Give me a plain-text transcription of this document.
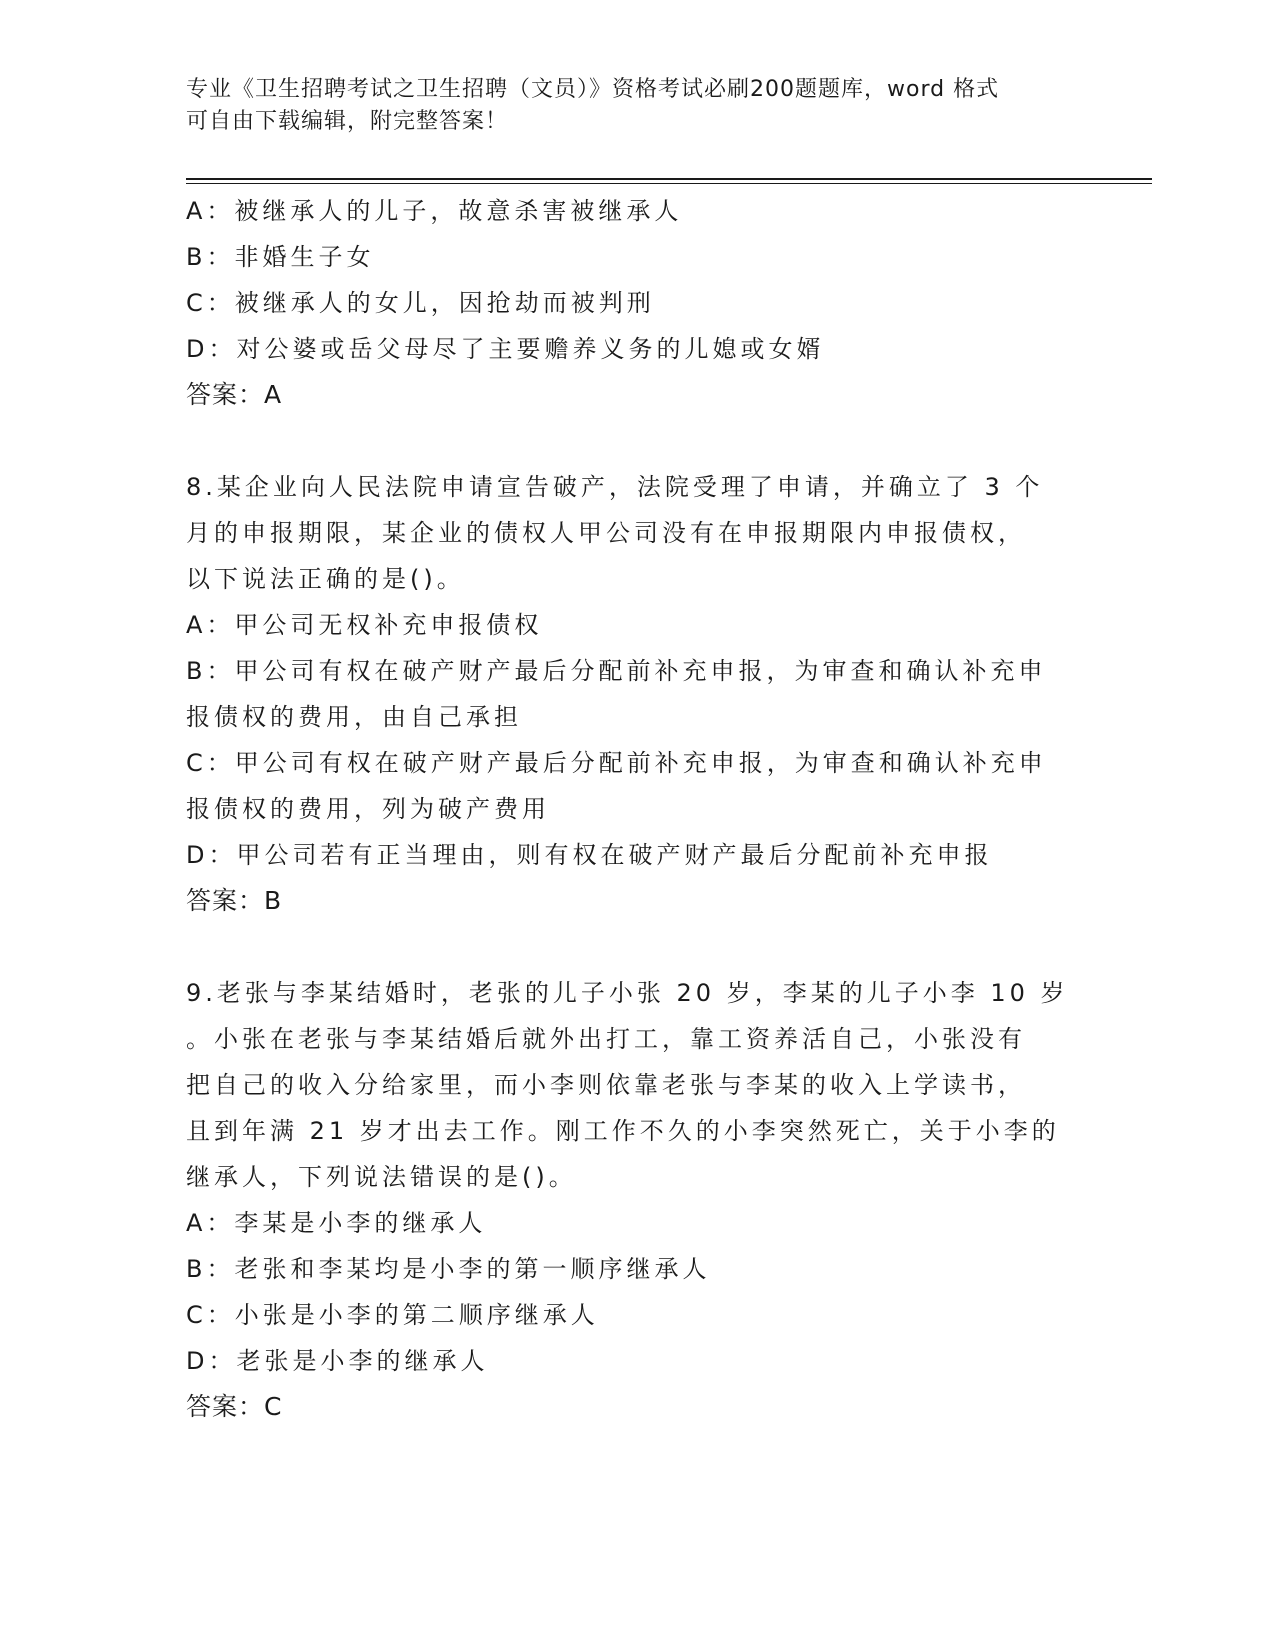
专业《卫生招聘考试之卫生招聘（文员）》资格考试必刷200题题库，word 格式
可自由下载编辑，附完整答案！
A：被继承人的儿子，故意杀害被继承人
B：非婚生子女
C：被继承人的女儿，因抢劫而被判刑
D：对公婆或岳父母尽了主要赡养义务的儿媳或女婿
答案：A
8.某企业向人民法院申请宣告破产，法院受理了申请，并确立了 3 个
月的申报期限，某企业的债权人甲公司没有在申报期限内申报债权，
以下说法正确的是()。
A：甲公司无权补充申报债权
B：甲公司有权在破产财产最后分配前补充申报，为审查和确认补充申
报债权的费用，由自己承担
C：甲公司有权在破产财产最后分配前补充申报，为审查和确认补充申
报债权的费用，列为破产费用
D：甲公司若有正当理由，则有权在破产财产最后分配前补充申报
答案：B
9.老张与李某结婚时，老张的儿子小张 20 岁，李某的儿子小李 10 岁
。小张在老张与李某结婚后就外出打工，靠工资养活自己，小张没有
把自己的收入分给家里，而小李则依靠老张与李某的收入上学读书，
且到年满 21 岁才出去工作。刚工作不久的小李突然死亡，关于小李的
继承人，下列说法错误的是()。
A：李某是小李的继承人
B：老张和李某均是小李的第一顺序继承人
C：小张是小李的第二顺序继承人
D：老张是小李的继承人
答案：C
